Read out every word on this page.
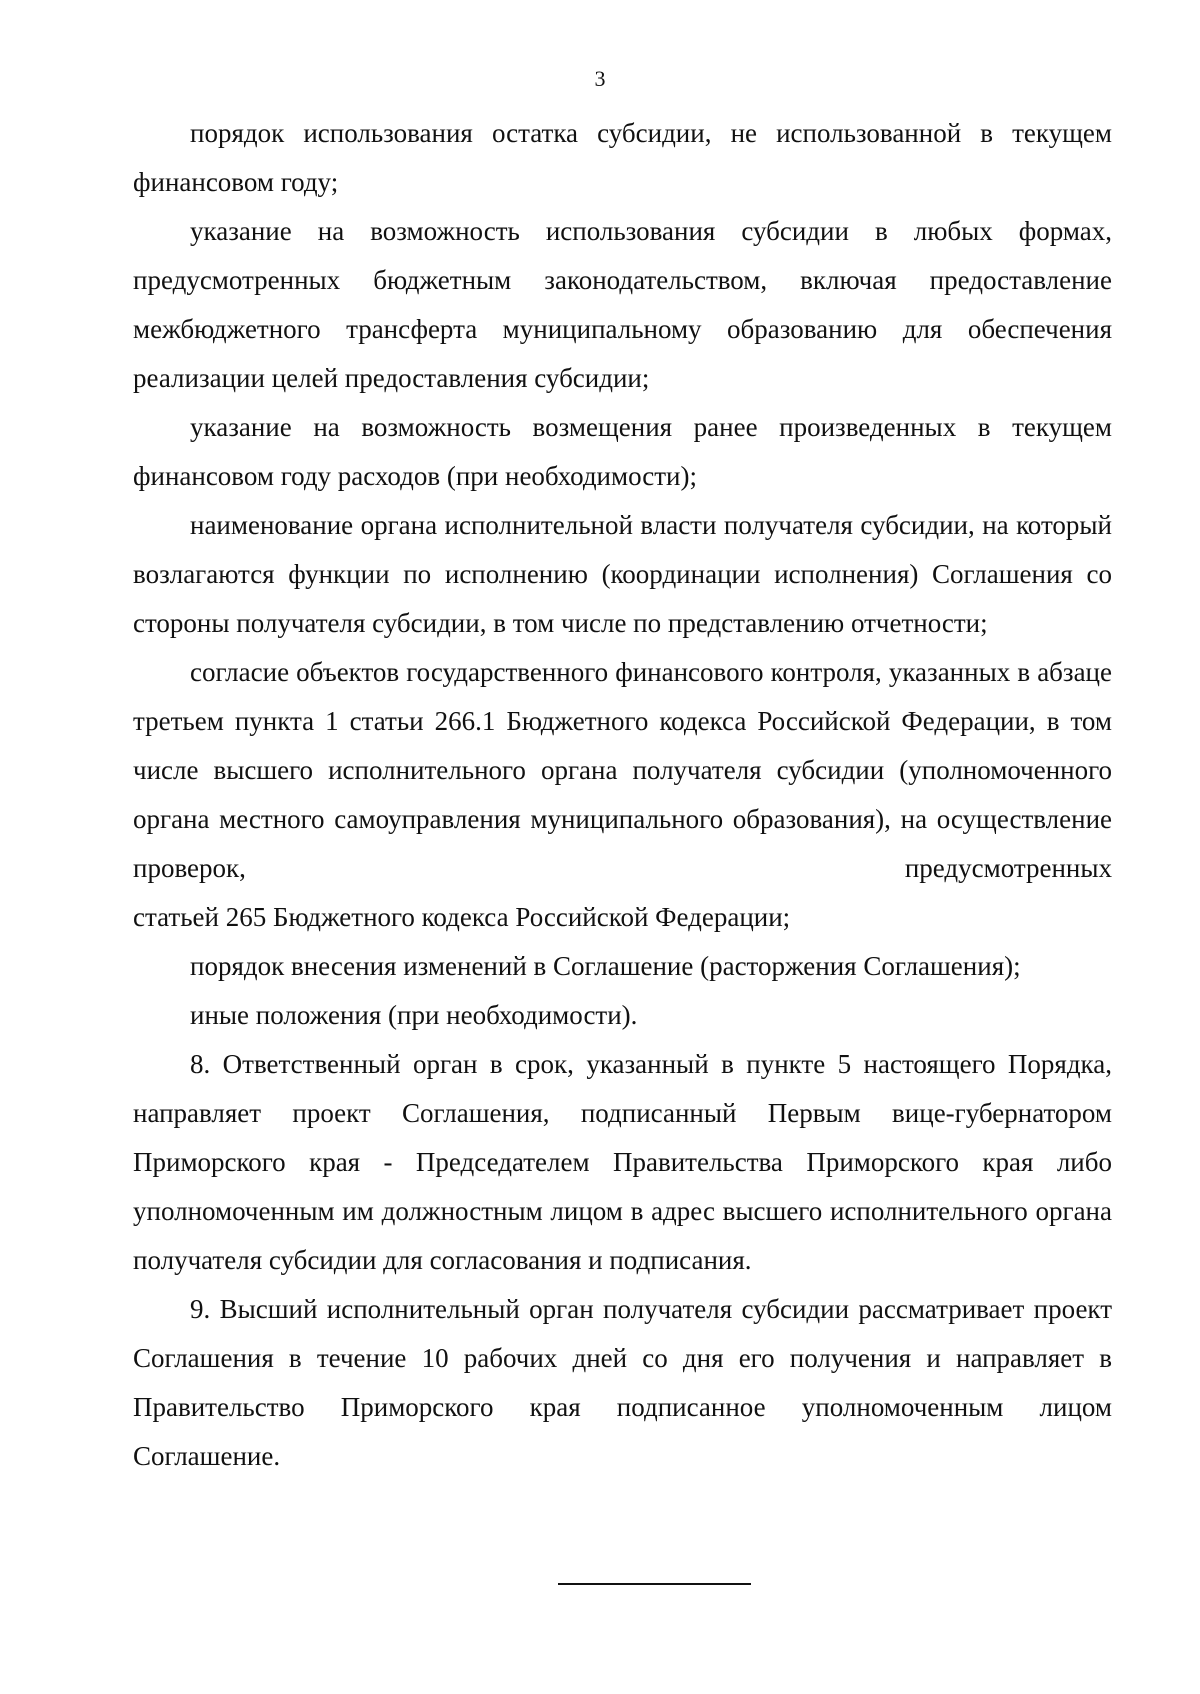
3

порядок использования остатка субсидии, не использованной в текущем финансовом году;

указание на возможность использования субсидии в любых формах, предусмотренных бюджетным законодательством, включая предоставление межбюджетного трансферта муниципальному образованию для обеспечения реализации целей предоставления субсидии;

указание на возможность возмещения ранее произведенных в текущем финансовом году расходов (при необходимости);

наименование органа исполнительной власти получателя субсидии, на который возлагаются функции по исполнению (координации исполнения) Соглашения со стороны получателя субсидии, в том числе по представлению отчетности;

согласие объектов государственного финансового контроля, указанных в абзаце третьем пункта 1 статьи 266.1 Бюджетного кодекса Российской Федерации, в том числе высшего исполнительного органа получателя субсидии (уполномоченного органа местного самоуправления муниципального образования), на осуществление проверок, предусмотренных

статьей 265 Бюджетного кодекса Российской Федерации;

порядок внесения изменений в Соглашение (расторжения Соглашения);

иные положения (при необходимости).

8. Ответственный орган в срок, указанный в пункте 5 настоящего Порядка, направляет проект Соглашения, подписанный Первым вице-губернатором Приморского края - Председателем Правительства Приморского края либо уполномоченным им должностным лицом в адрес высшего исполнительного органа получателя субсидии для согласования и подписания.

9. Высший исполнительный орган получателя субсидии рассматривает проект Соглашения в течение 10 рабочих дней со дня его получения и направляет в Правительство Приморского края подписанное уполномоченным лицом Соглашение.
